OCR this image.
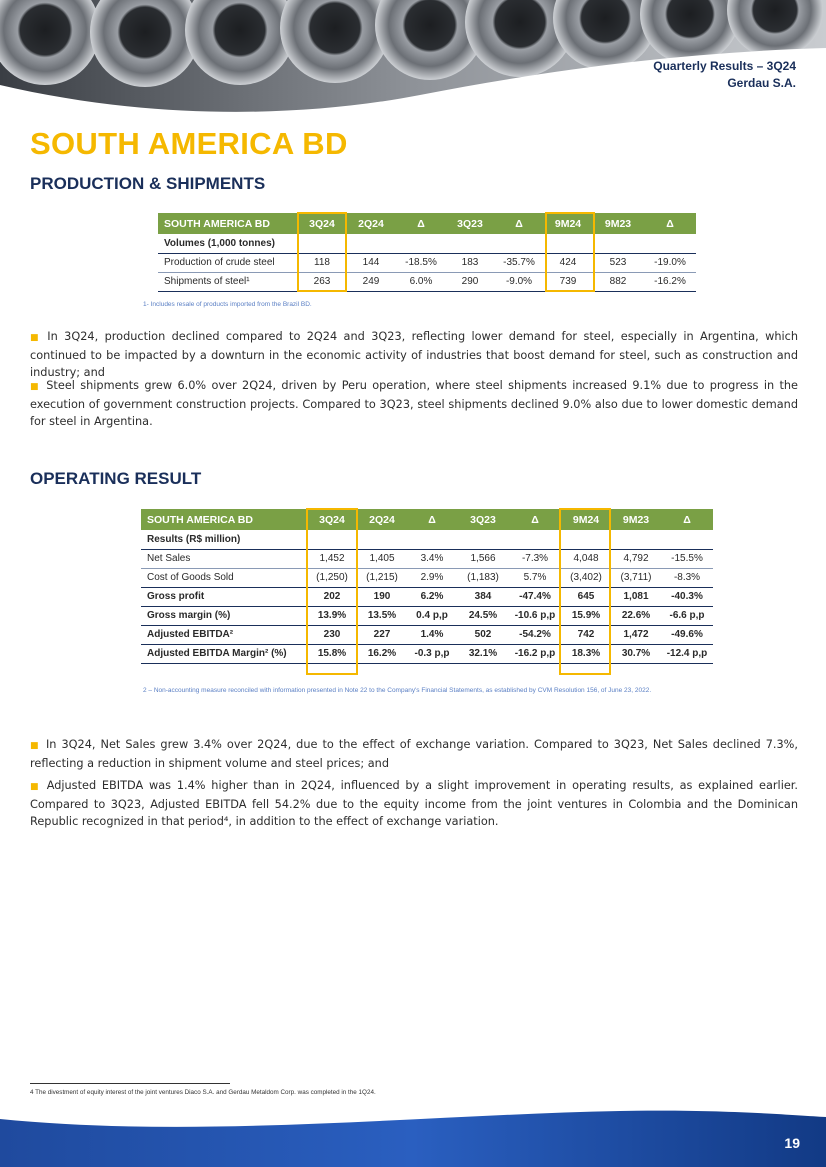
Quarterly Results – 3Q24
Gerdau S.A.
SOUTH AMERICA BD
PRODUCTION & SHIPMENTS
SOUTH AMERICA BD	3Q24	2Q24	Δ	3Q23	Δ	9M24	9M23	Δ
Volumes (1,000 tonnes)								
Production of crude steel	118	144	-18.5%	183	-35.7%	424	523	-19.0%
Shipments of steel¹	263	249	6.0%	290	-9.0%	739	882	-16.2%
1- Includes resale of products imported from the Brazil BD.
■ In 3Q24, production declined compared to 2Q24 and 3Q23, reflecting lower demand for steel, especially in Argentina, which continued to be impacted by a downturn in the economic activity of industries that boost demand for steel, such as construction and industry; and
■ Steel shipments grew 6.0% over 2Q24, driven by Peru operation, where steel shipments increased 9.1% due to progress in the execution of government construction projects. Compared to 3Q23, steel shipments declined 9.0% also due to lower domestic demand for steel in Argentina.
OPERATING RESULT
SOUTH AMERICA BD	3Q24	2Q24	Δ	3Q23	Δ	9M24	9M23	Δ
Results (R$ million)								
Net Sales	1,452	1,405	3.4%	1,566	-7.3%	4,048	4,792	-15.5%
Cost of Goods Sold	(1,250)	(1,215)	2.9%	(1,183)	5.7%	(3,402)	(3,711)	-8.3%
Gross profit	202	190	6.2%	384	-47.4%	645	1,081	-40.3%
Gross margin (%)	13.9%	13.5%	0.4 p,p	24.5%	-10.6 p,p	15.9%	22.6%	-6.6 p,p
Adjusted EBITDA²	230	227	1.4%	502	-54.2%	742	1,472	-49.6%
Adjusted EBITDA Margin² (%)	15.8%	16.2%	-0.3 p,p	32.1%	-16.2 p,p	18.3%	30.7%	-12.4 p,p
2 – Non-accounting measure reconciled with information presented in Note 22 to the Company's Financial Statements, as established by CVM Resolution 156, of June 23, 2022.
■ In 3Q24, Net Sales grew 3.4% over 2Q24, due to the effect of exchange variation. Compared to 3Q23, Net Sales declined 7.3%, reflecting a reduction in shipment volume and steel prices; and
■ Adjusted EBITDA was 1.4% higher than in 2Q24, influenced by a slight improvement in operating results, as explained earlier. Compared to 3Q23, Adjusted EBITDA fell 54.2% due to the equity income from the joint ventures in Colombia and the Dominican Republic recognized in that period⁴, in addition to the effect of exchange variation.
4 The divestment of equity interest of the joint ventures Diaco S.A. and Gerdau Metaldom Corp. was completed in the 1Q24.
19
